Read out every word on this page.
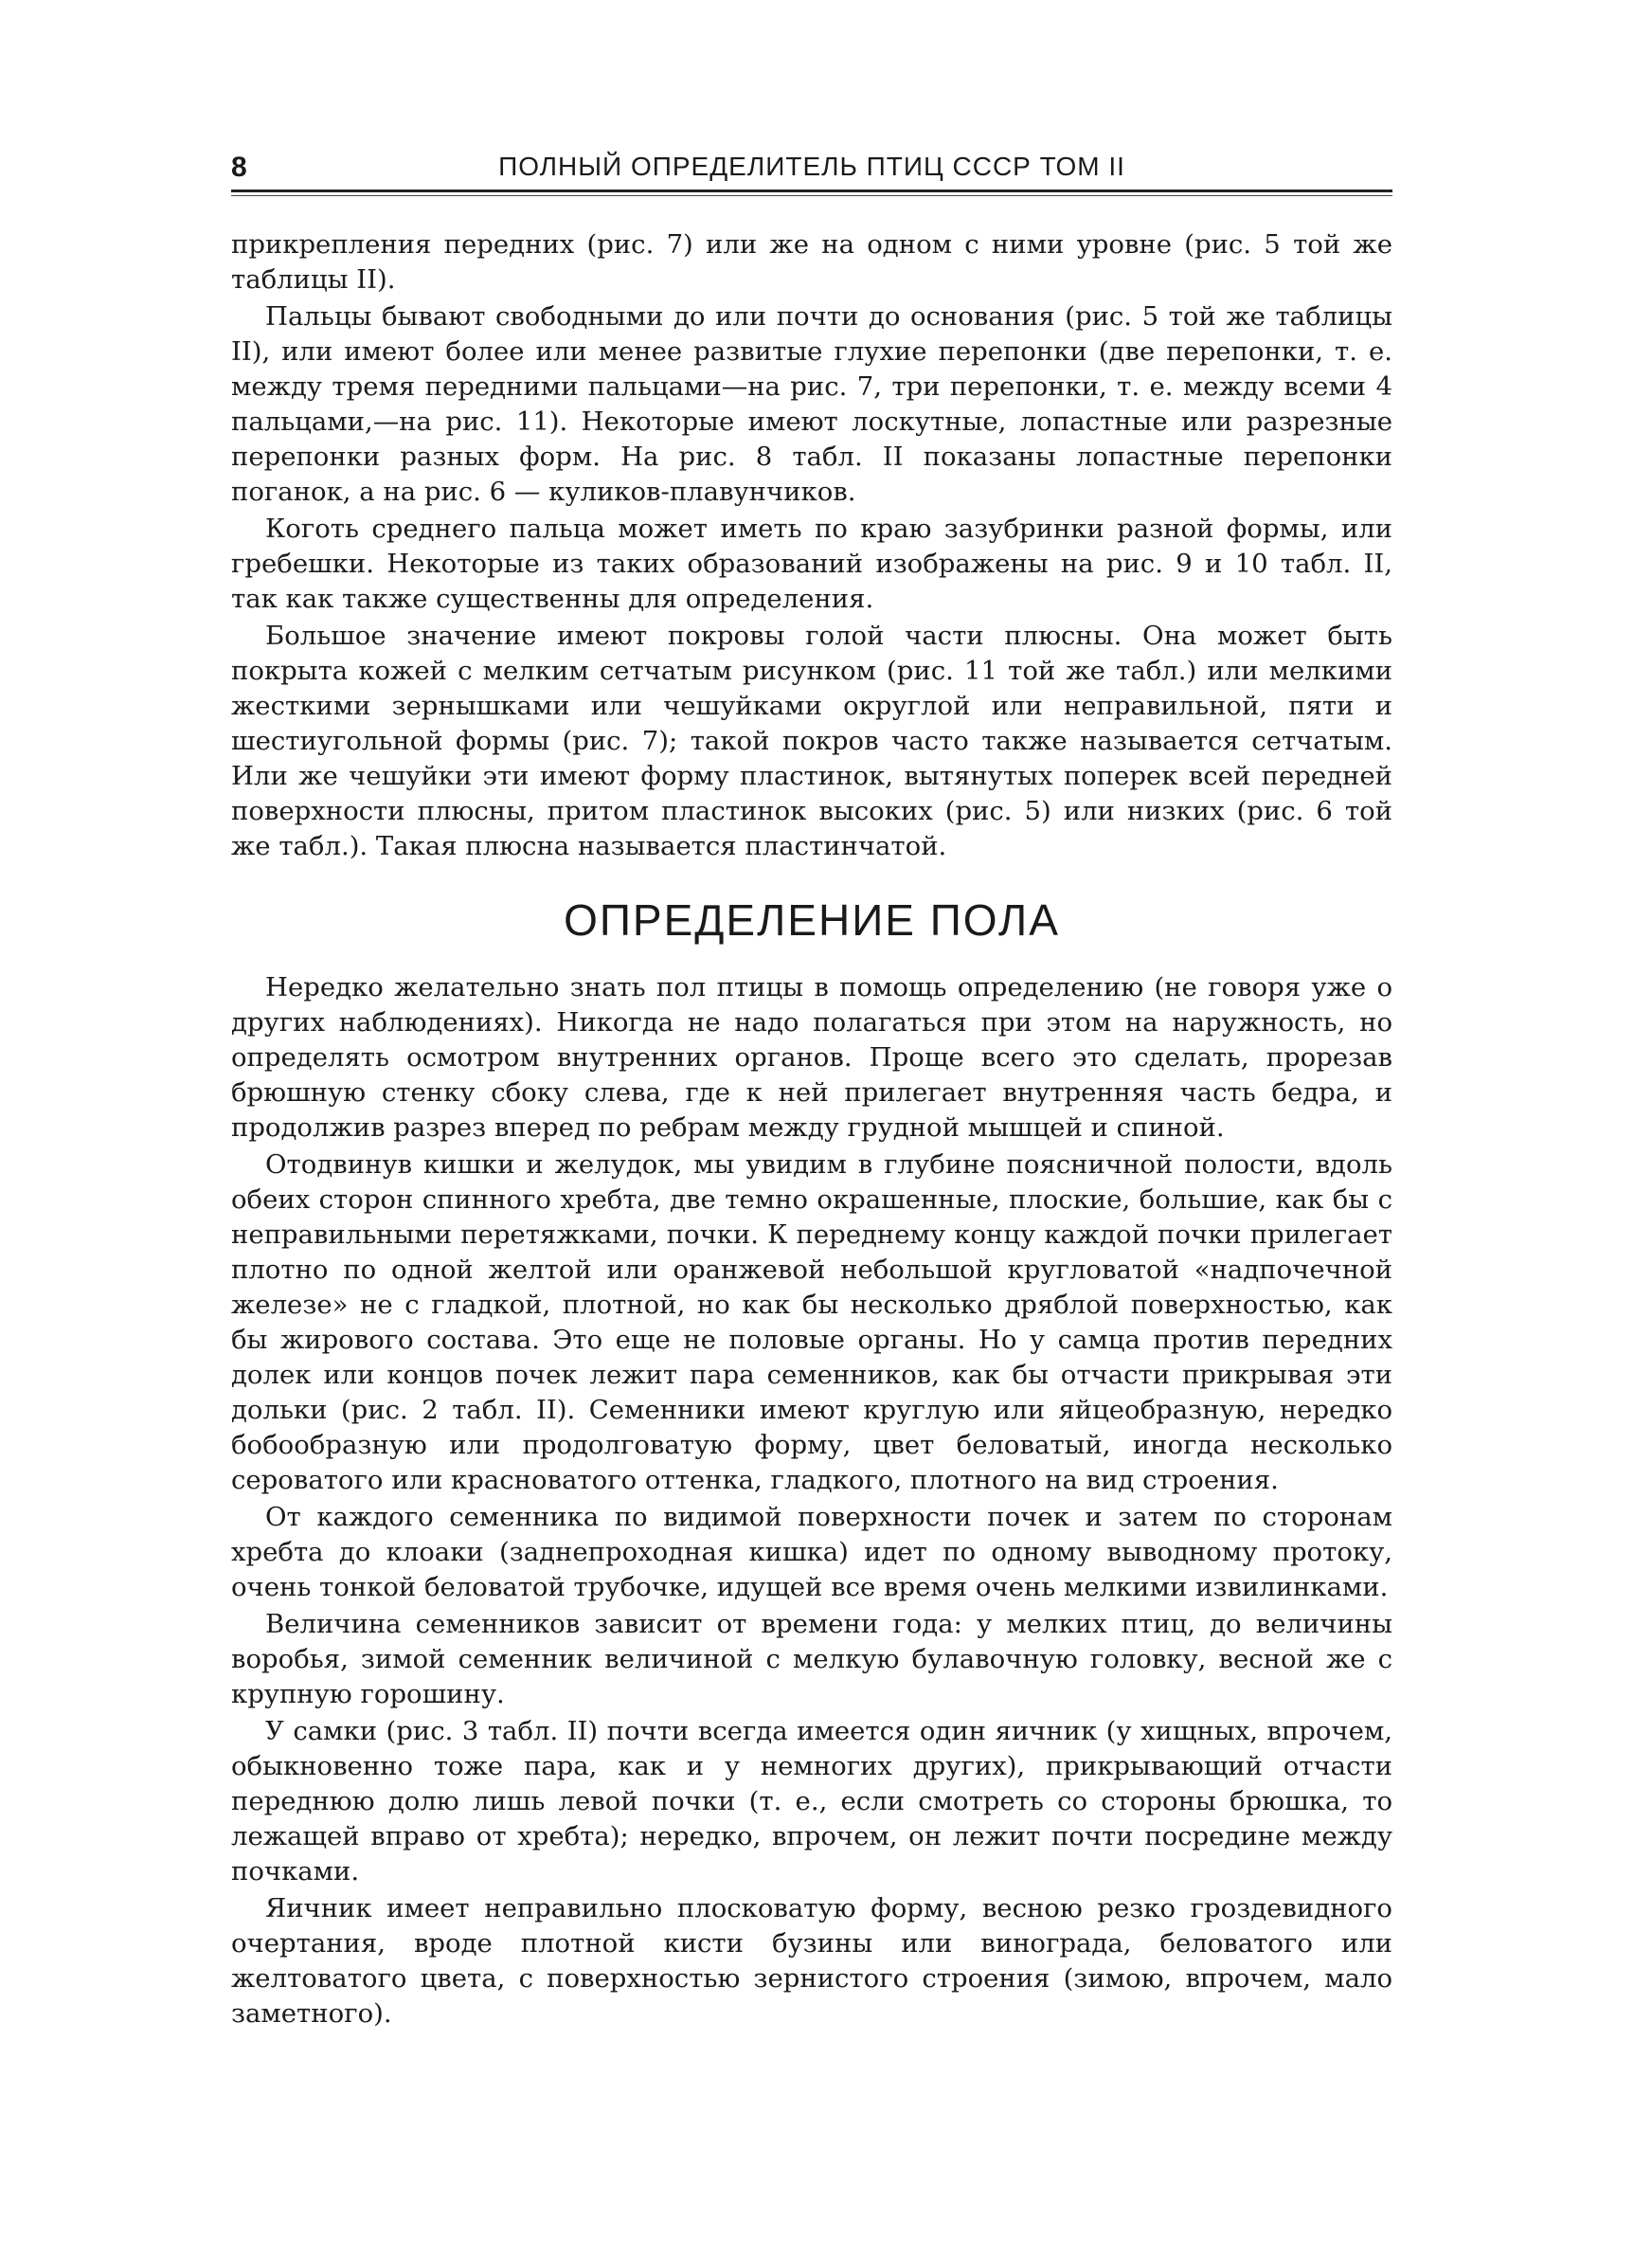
8	ПОЛНЫЙ ОПРЕДЕЛИТЕЛЬ ПТИЦ СССР ТОМ II

прикрепления передних (рис. 7) или же на одном с ними уровне (рис. 5 той же таблицы II).

Пальцы бывают свободными до или почти до основания (рис. 5 той же таблицы II), или имеют более или менее развитые глухие перепонки (две перепонки, т. е. между тремя передними пальцами—на рис. 7, три перепонки, т. е. между всеми 4 пальцами,—на рис. 11). Некоторые имеют лоскутные, лопастные или разрезные перепонки разных форм. На рис. 8 табл. II показаны лопастные перепонки поганок, а на рис. 6 — куликов-плавунчиков.

Коготь среднего пальца может иметь по краю зазубринки разной формы, или гребешки. Некоторые из таких образований изображены на рис. 9 и 10 табл. II, так как также существенны для определения.

Большое значение имеют покровы голой части плюсны. Она может быть покрыта кожей с мелким сетчатым рисунком (рис. 11 той же табл.) или мелкими жесткими зернышками или чешуйками округлой или неправильной, пяти и шестиугольной формы (рис. 7); такой покров часто также называется сетчатым. Или же чешуйки эти имеют форму пластинок, вытянутых поперек всей передней поверхности плюсны, притом пластинок высоких (рис. 5) или низких (рис. 6 той же табл.). Такая плюсна называется пластинчатой.

ОПРЕДЕЛЕНИЕ ПОЛА

Нередко желательно знать пол птицы в помощь определению (не говоря уже о других наблюдениях). Никогда не надо полагаться при этом на наружность, но определять осмотром внутренних органов. Проще всего это сделать, прорезав брюшную стенку сбоку слева, где к ней прилегает внутренняя часть бедра, и продолжив разрез вперед по ребрам между грудной мышцей и спиной.

Отодвинув кишки и желудок, мы увидим в глубине поясничной полости, вдоль обеих сторон спинного хребта, две темно окрашенные, плоские, большие, как бы с неправильными перетяжками, почки. К переднему концу каждой почки прилегает плотно по одной желтой или оранжевой небольшой кругловатой «надпочечной железе» не с гладкой, плотной, но как бы несколько дряблой поверхностью, как бы жирового состава. Это еще не половые органы. Но у самца против передних долек или концов почек лежит пара семенников, как бы отчасти прикрывая эти дольки (рис. 2 табл. II). Семенники имеют круглую или яйцеобразную, нередко бобообразную или продолговатую форму, цвет беловатый, иногда несколько сероватого или красноватого оттенка, гладкого, плотного на вид строения.

От каждого семенника по видимой поверхности почек и затем по сторонам хребта до клоаки (заднепроходная кишка) идет по одному выводному протоку, очень тонкой беловатой трубочке, идущей все время очень мелкими извилинками.

Величина семенников зависит от времени года: у мелких птиц, до величины воробья, зимой семенник величиной с мелкую булавочную головку, весной же с крупную горошину.

У самки (рис. 3 табл. II) почти всегда имеется один яичник (у хищных, впрочем, обыкновенно тоже пара, как и у немногих других), прикрывающий отчасти переднюю долю лишь левой почки (т. е., если смотреть со стороны брюшка, то лежащей вправо от хребта); нередко, впрочем, он лежит почти посредине между почками.

Яичник имеет неправильно плосковатую форму, весною резко гроздевидного очертания, вроде плотной кисти бузины или винограда, беловатого или желтоватого цвета, с поверхностью зернистого строения (зимою, впрочем, мало заметного).
